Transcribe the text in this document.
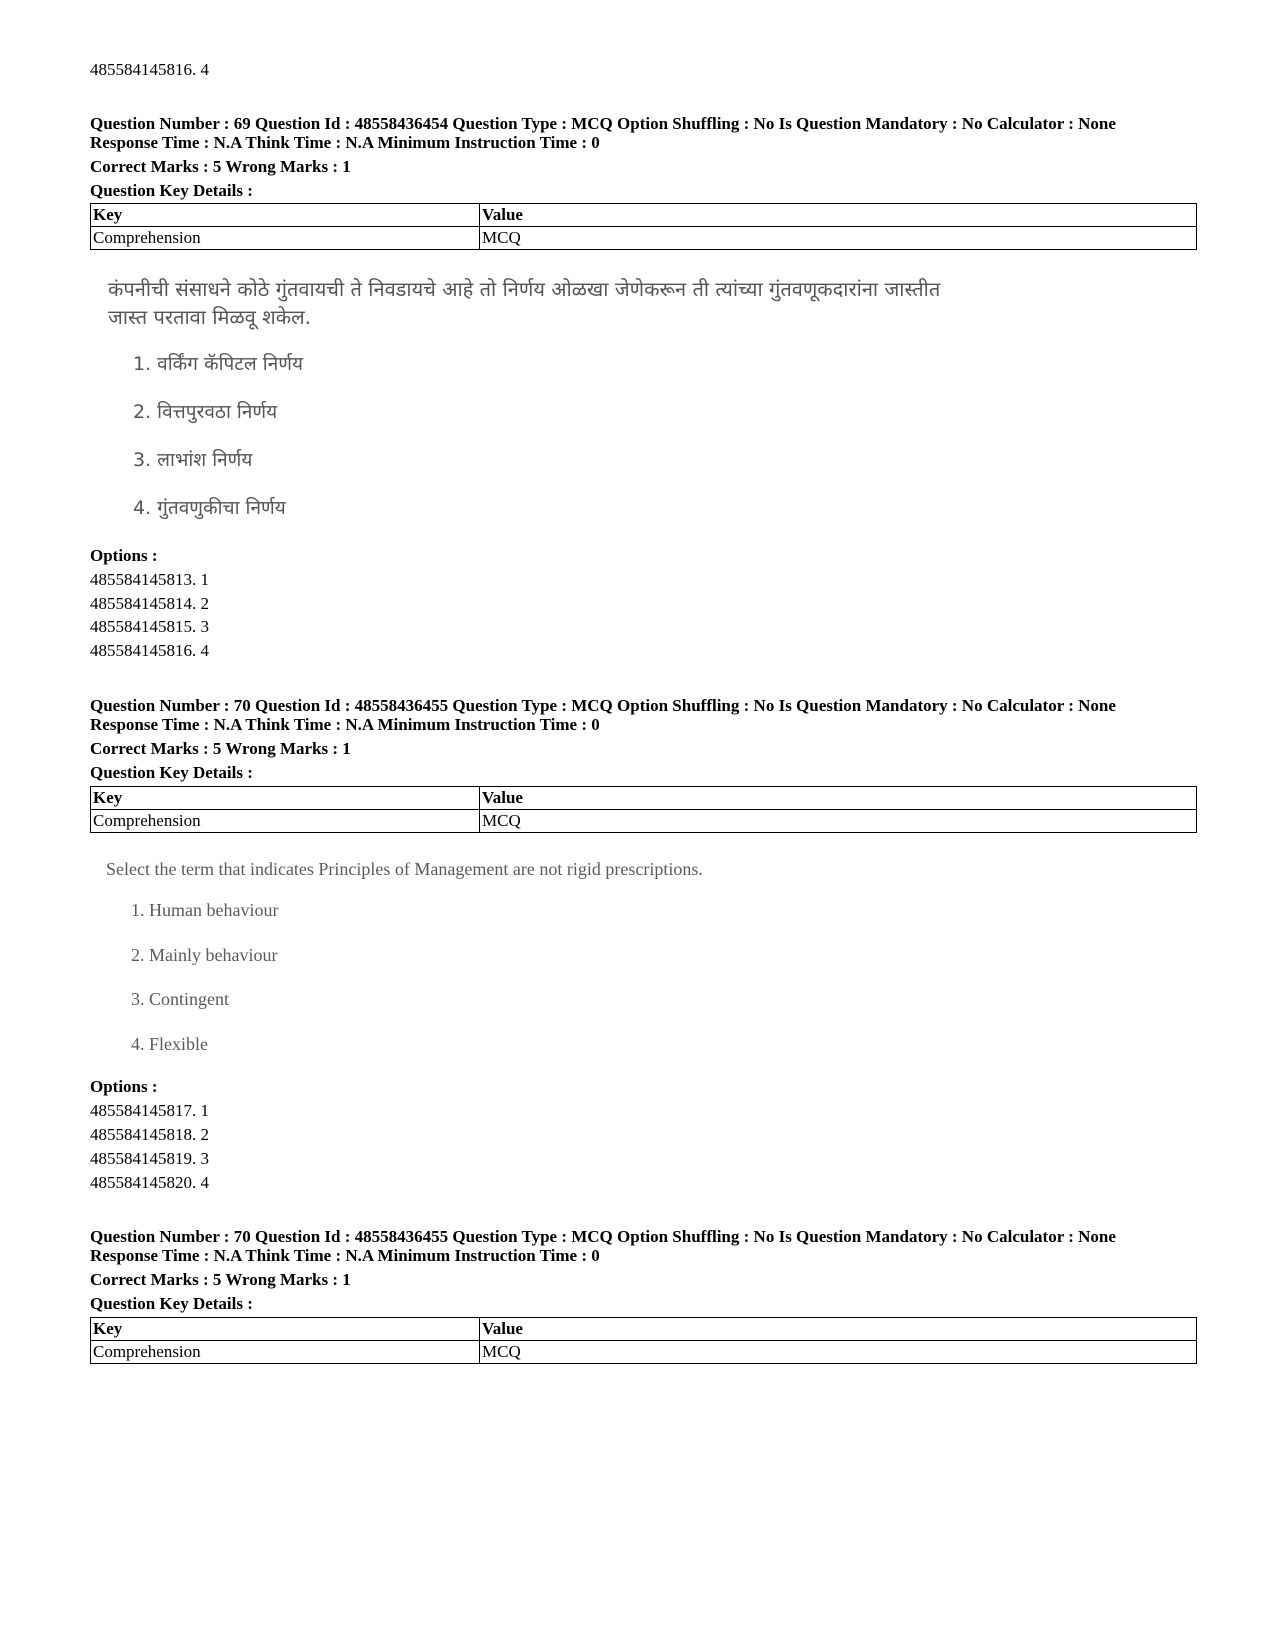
485584145816. 4
Question Number : 69 Question Id : 48558436454 Question Type : MCQ Option Shuffling : No Is Question Mandatory : No Calculator : None
Response Time : N.A Think Time : N.A Minimum Instruction Time : 0
Correct Marks : 5 Wrong Marks : 1
Question Key Details :
Key	Value
Comprehension	MCQ
कंपनीची संसाधने कोठे गुंतवायची ते निवडायचे आहे तो निर्णय ओळखा जेणेकरून ती त्यांच्या गुंतवणूकदारांना जास्तीत
जास्त परतावा मिळवू शकेल.
1. वर्किंग कॅपिटल निर्णय
2. वित्तपुरवठा निर्णय
3. लाभांश निर्णय
4. गुंतवणुकीचा निर्णय
Options :
485584145813. 1
485584145814. 2
485584145815. 3
485584145816. 4
Question Number : 70 Question Id : 48558436455 Question Type : MCQ Option Shuffling : No Is Question Mandatory : No Calculator : None
Response Time : N.A Think Time : N.A Minimum Instruction Time : 0
Correct Marks : 5 Wrong Marks : 1
Question Key Details :
Key	Value
Comprehension	MCQ
Select the term that indicates Principles of Management are not rigid prescriptions.
1. Human behaviour
2. Mainly behaviour
3. Contingent
4. Flexible
Options :
485584145817. 1
485584145818. 2
485584145819. 3
485584145820. 4
Question Number : 70 Question Id : 48558436455 Question Type : MCQ Option Shuffling : No Is Question Mandatory : No Calculator : None
Response Time : N.A Think Time : N.A Minimum Instruction Time : 0
Correct Marks : 5 Wrong Marks : 1
Question Key Details :
Key	Value
Comprehension	MCQ
